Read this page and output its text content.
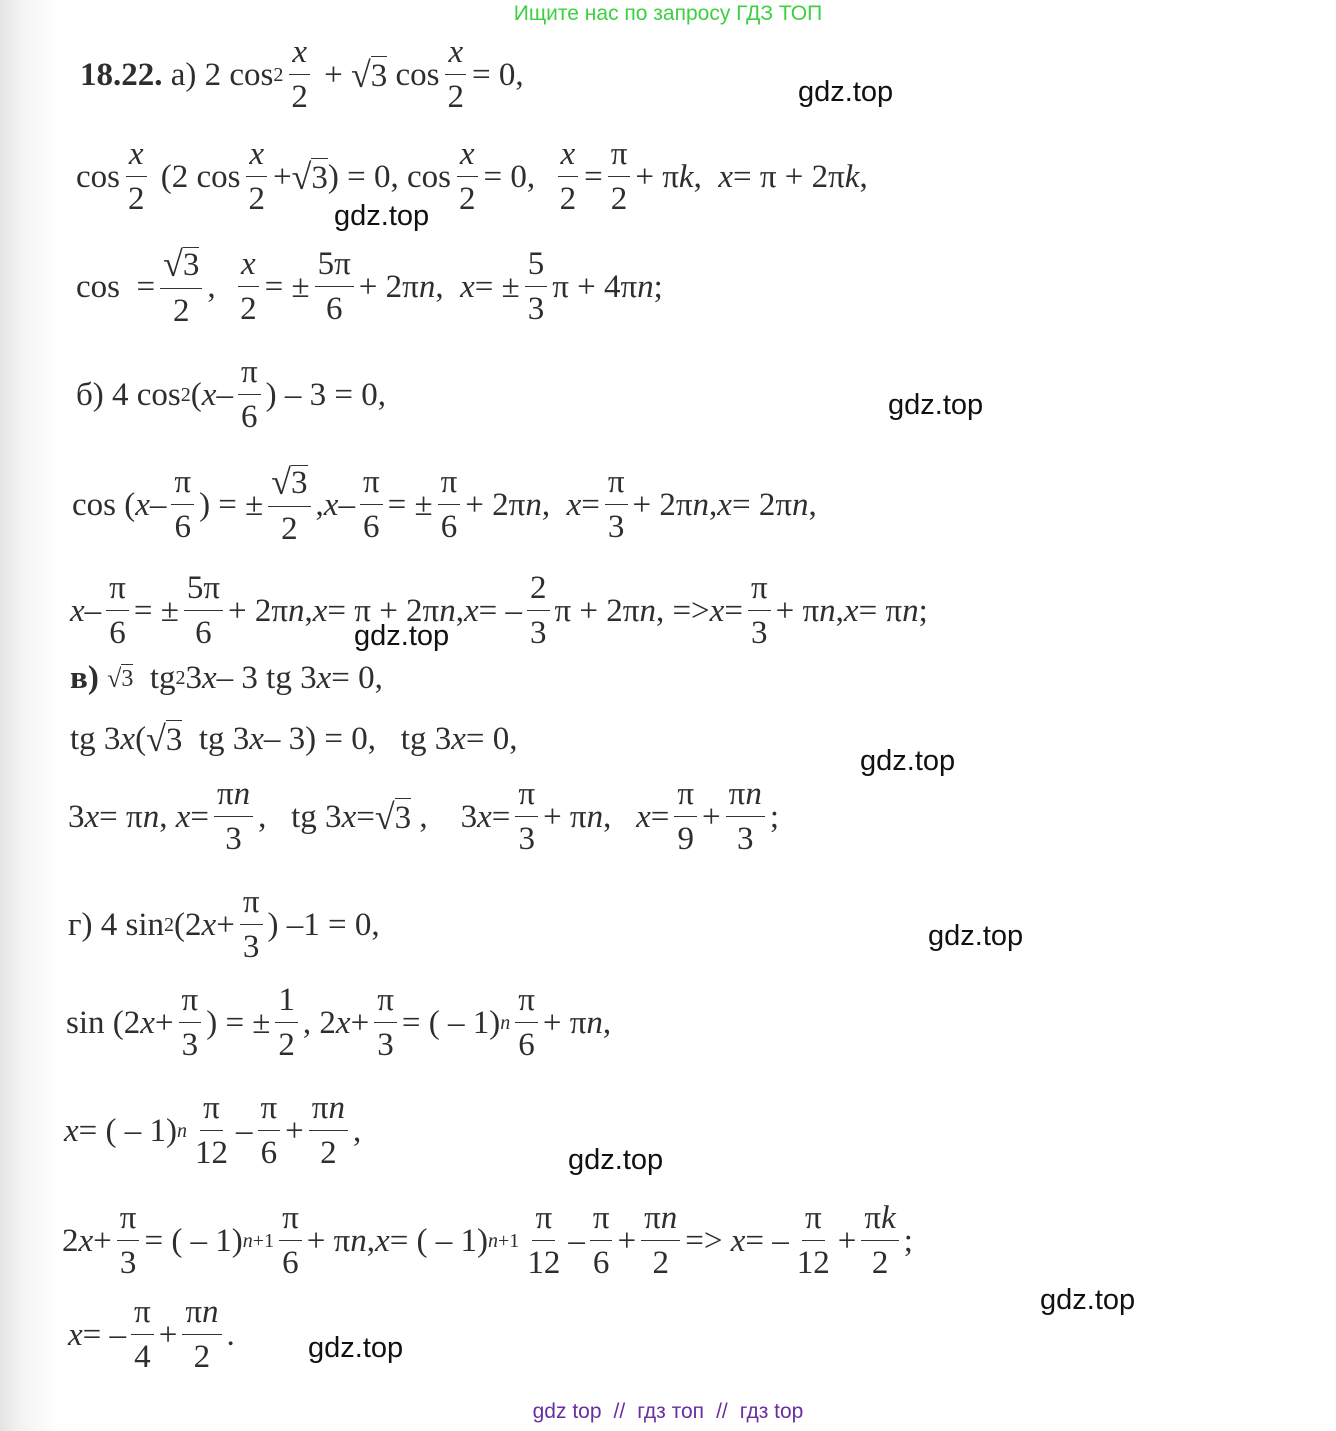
Ищите нас по запросу ГДЗ ТОП
gdz.top
gdz.top
gdz.top
gdz.top
gdz.top
gdz.top
gdz.top
gdz.top
gdz.top
18.22.
а) 2 $\cos 2 \frac{x}{2}$ + √ 3 $\cos \frac{x}{2} = 0$,
$\cos \frac{x}{2} (2$ $\cos \frac{x}{2}$ + √ 3 ) = 0, $\cos \frac{x}{2} = 0$, $\frac{x}{2} = \frac{\pi}{2} + \pi$ k , x = π + 2π k ,
$\cos = \frac{√ 3}{2}$ , $\frac{x}{2}$ = ± $\frac{5\pi}{6} + 2\pi$ n , x = ± $\frac{5}{3}$ π + 4π n ;
б) 4 cos 2 ( x – $\frac{\pi}{6}$ ) – 3 = 0,
cos ( x – $\frac{\pi}{6}$ ) = ± $\frac{√ 3}{2}$ , x – $\frac{\pi}{6}$ = ± $\frac{\pi}{6} + 2\pi$ n , $x = \frac{\pi}{3} + 2\pi$ n , x = 2π n ,
x – $\frac{\pi}{6}$ = ± $\frac{5\pi}{6} + 2\pi$ n , x = π + 2π n , x = – $\frac{2}{3}$ π + 2π n , => $x = \frac{\pi}{3} + \pi$ n , x = π n ;
в)
√ 3 tg 2 3 x – 3 tg 3 x = 0,
tg 3 x ( √ 3 tg 3 x – 3) = 0,   tg 3 x = 0,
3 x = π n , $x = \frac{\pi n}{3}$ ,   tg 3 x = √ 3 ,    3 $x = \frac{\pi}{3} + \pi$ n , $x = \frac{\pi}{9} + \frac{\pi n}{3}$ ;
г) 4 sin 2 (2 $x + \frac{\pi}{3}$ ) –1 = 0,
sin (2 $x + \frac{\pi}{3}$ ) = ± $\frac{1}{2}$ , 2 $x + \frac{\pi}{3}$ = ( – 1) n $\frac{\pi}{6} + \pi$ n ,
x = ( – 1) n $\frac{\pi}{12} - \frac{\pi}{6} + \frac{\pi n}{2}$ ,
2 $x + \frac{\pi}{3}$ = ( – 1) $n+1 \frac{\pi}{6} + \pi$ n , x = ( – 1) $n+1 \frac{\pi}{12} - \frac{\pi}{6} + \frac{\pi n}{2} => x$ = – $\frac{\pi}{12} + \frac{\pi k}{2}$ ;
x = – $\frac{\pi}{4} + \frac{\pi n}{2}$ .
gdz top // гдз топ // гдз top
